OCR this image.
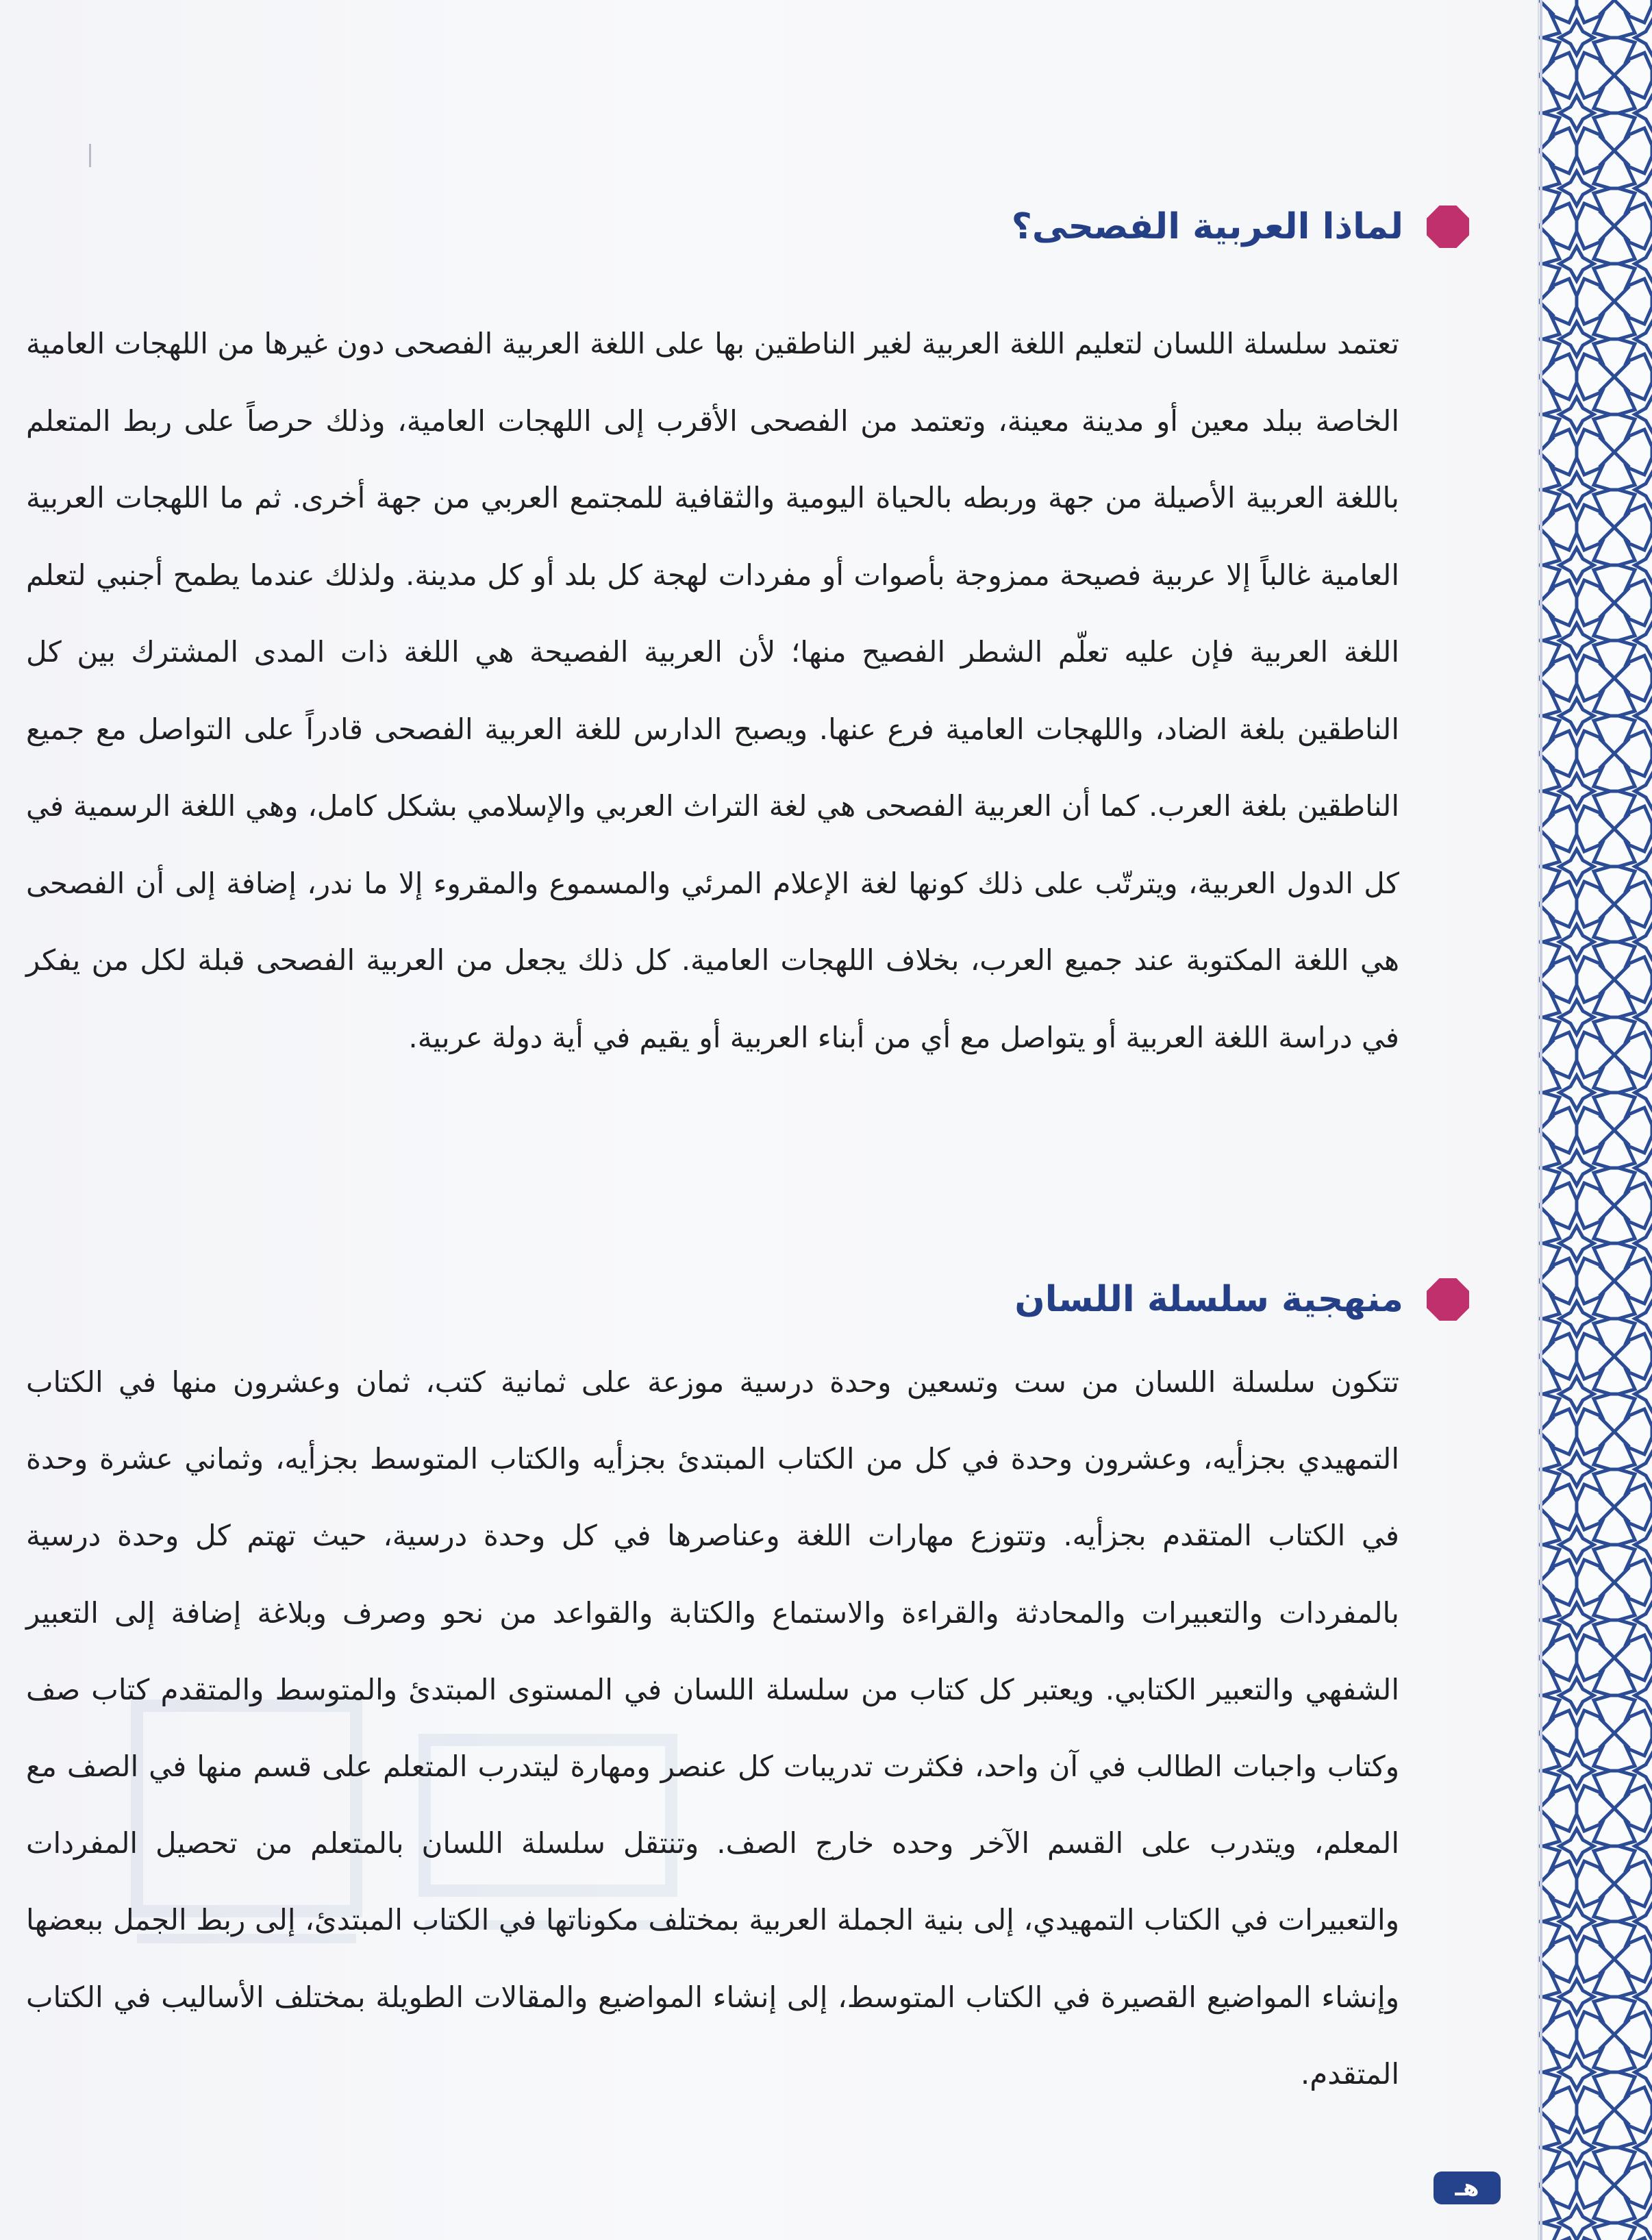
لماذا العربية الفصحى؟
تعتمد سلسلة اللسان لتعليم اللغة العربية لغير الناطقين بها على اللغة العربية الفصحى دون غيرها من اللهجات العامية الخاصة ببلد معين أو مدينة معينة، وتعتمد من الفصحى الأقرب إلى اللهجات العامية، وذلك حرصاً على ربط المتعلم باللغة العربية الأصيلة من جهة وربطه بالحياة اليومية والثقافية للمجتمع العربي من جهة أخرى. ثم ما اللهجات العربية العامية غالباً إلا عربية فصيحة ممزوجة بأصوات أو مفردات لهجة كل بلد أو كل مدينة. ولذلك عندما يطمح أجنبي لتعلم اللغة العربية فإن عليه تعلّم الشطر الفصيح منها؛ لأن العربية الفصيحة هي اللغة ذات المدى المشترك بين كل الناطقين بلغة الضاد، واللهجات العامية فرع عنها. ويصبح الدارس للغة العربية الفصحى قادراً على التواصل مع جميع الناطقين بلغة العرب. كما أن العربية الفصحى هي لغة التراث العربي والإسلامي بشكل كامل، وهي اللغة الرسمية في كل الدول العربية، ويترتّب على ذلك كونها لغة الإعلام المرئي والمسموع والمقروء إلا ما ندر، إضافة إلى أن الفصحى هي اللغة المكتوبة عند جميع العرب، بخلاف اللهجات العامية. كل ذلك يجعل من العربية الفصحى قبلة لكل من يفكر في دراسة اللغة العربية أو يتواصل مع أي من أبناء العربية أو يقيم في أية دولة عربية.
منهجية سلسلة اللسان
تتكون سلسلة اللسان من ست وتسعين وحدة درسية موزعة على ثمانية كتب، ثمان وعشرون منها في الكتاب التمهيدي بجزأيه، وعشرون وحدة في كل من الكتاب المبتدئ بجزأيه والكتاب المتوسط بجزأيه، وثماني عشرة وحدة في الكتاب المتقدم بجزأيه. وتتوزع مهارات اللغة وعناصرها في كل وحدة درسية، حيث تهتم كل وحدة درسية بالمفردات والتعبيرات والمحادثة والقراءة والاستماع والكتابة والقواعد من نحو وصرف وبلاغة إضافة إلى التعبير الشفهي والتعبير الكتابي. ويعتبر كل كتاب من سلسلة اللسان في المستوى المبتدئ والمتوسط والمتقدم كتاب صف وكتاب واجبات الطالب في آن واحد، فكثرت تدريبات كل عنصر ومهارة ليتدرب المتعلم على قسم منها في الصف مع المعلم، ويتدرب على القسم الآخر وحده خارج الصف. وتنتقل سلسلة اللسان بالمتعلم من تحصيل المفردات والتعبيرات في الكتاب التمهيدي، إلى بنية الجملة العربية بمختلف مكوناتها في الكتاب المبتدئ، إلى ربط الجمل ببعضها وإنشاء المواضيع القصيرة في الكتاب المتوسط، إلى إنشاء المواضيع والمقالات الطويلة بمختلف الأساليب في الكتاب المتقدم.
هـ
